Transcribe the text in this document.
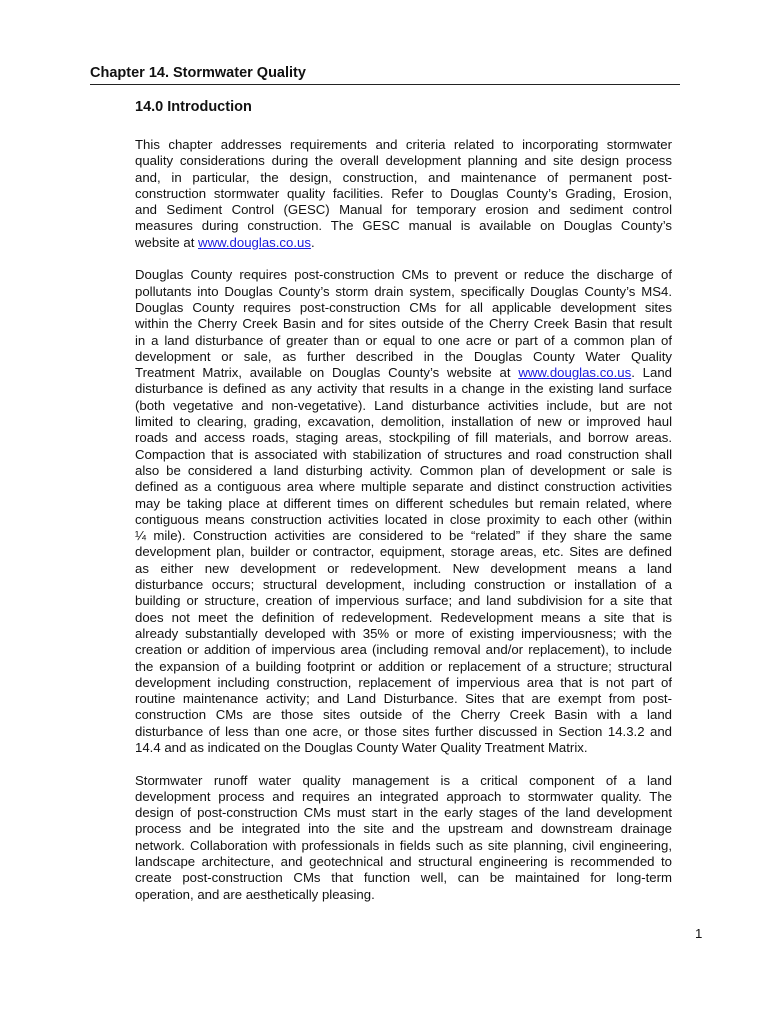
Chapter 14. Stormwater Quality
14.0 Introduction
This chapter addresses requirements and criteria related to incorporating stormwater
quality considerations during the overall development planning and site design process
and, in particular, the design, construction, and maintenance of permanent post-
construction stormwater quality facilities. Refer to Douglas County’s Grading, Erosion,
and Sediment Control (GESC) Manual for temporary erosion and sediment control
measures during construction. The GESC manual is available on Douglas County’s
website at www.douglas.co.us.
Douglas County requires post-construction CMs to prevent or reduce the discharge of
pollutants into Douglas County’s storm drain system, specifically Douglas County’s MS4.
Douglas County requires post-construction CMs for all applicable development sites
within the Cherry Creek Basin and for sites outside of the Cherry Creek Basin that result
in a land disturbance of greater than or equal to one acre or part of a common plan of
development or sale, as further described in the Douglas County Water Quality
Treatment Matrix, available on Douglas County’s website at www.douglas.co.us. Land
disturbance is defined as any activity that results in a change in the existing land surface
(both vegetative and non-vegetative). Land disturbance activities include, but are not
limited to clearing, grading, excavation, demolition, installation of new or improved haul
roads and access roads, staging areas, stockpiling of fill materials, and borrow areas.
Compaction that is associated with stabilization of structures and road construction shall
also be considered a land disturbing activity. Common plan of development or sale is
defined as a contiguous area where multiple separate and distinct construction activities
may be taking place at different times on different schedules but remain related, where
contiguous means construction activities located in close proximity to each other (within
¼ mile). Construction activities are considered to be “related” if they share the same
development plan, builder or contractor, equipment, storage areas, etc. Sites are defined
as either new development or redevelopment. New development means a land
disturbance occurs; structural development, including construction or installation of a
building or structure, creation of impervious surface; and land subdivision for a site that
does not meet the definition of redevelopment. Redevelopment means a site that is
already substantially developed with 35% or more of existing imperviousness; with the
creation or addition of impervious area (including removal and/or replacement), to include
the expansion of a building footprint or addition or replacement of a structure; structural
development including construction, replacement of impervious area that is not part of
routine maintenance activity; and Land Disturbance. Sites that are exempt from post-
construction CMs are those sites outside of the Cherry Creek Basin with a land
disturbance of less than one acre, or those sites further discussed in Section 14.3.2 and
14.4 and as indicated on the Douglas County Water Quality Treatment Matrix.
Stormwater runoff water quality management is a critical component of a land
development process and requires an integrated approach to stormwater quality. The
design of post-construction CMs must start in the early stages of the land development
process and be integrated into the site and the upstream and downstream drainage
network. Collaboration with professionals in fields such as site planning, civil engineering,
landscape architecture, and geotechnical and structural engineering is recommended to
create post-construction CMs that function well, can be maintained for long-term
operation, and are aesthetically pleasing.
1
